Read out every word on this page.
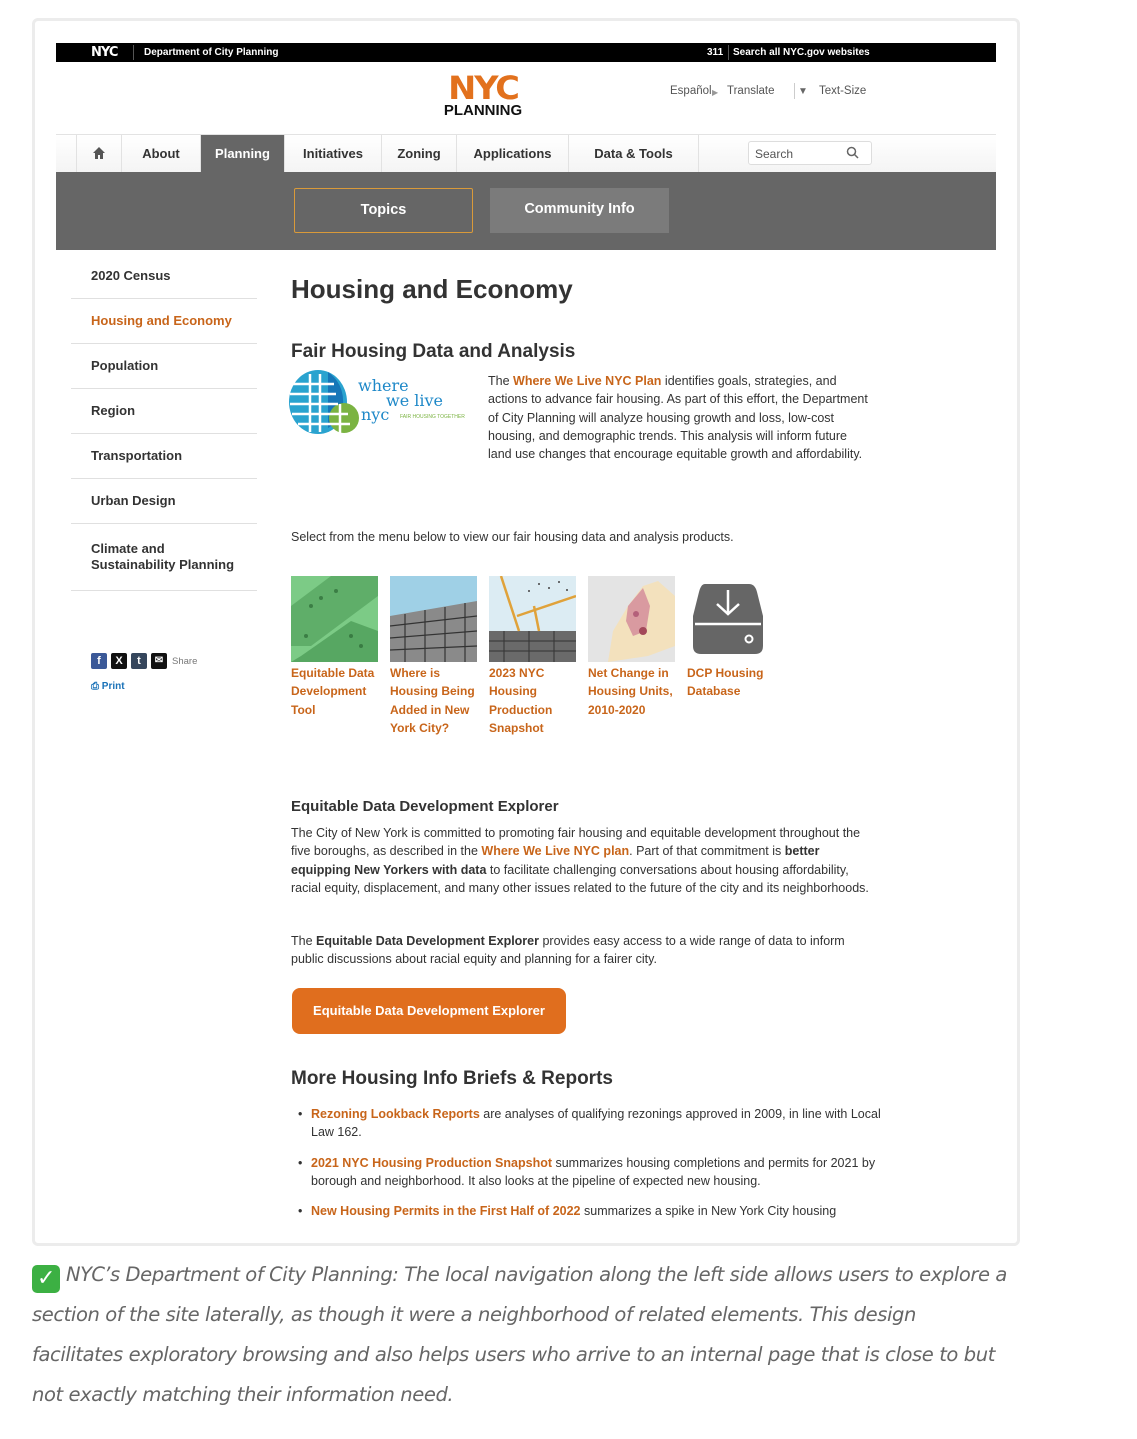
NYC	Department of City Planning	311 Search all NYC.gov websites
NYC
PLANNING
Español ▶ Translate ▼ Text-Size
About	Planning	Initiatives	Zoning	Applications	Data & Tools	Search
Topics	Community Info
2020 Census
Housing and Economy
Population
Region
Transportation
Urban Design
Climate and Sustainability Planning
f	X	t	✉ Share
⎙ Print
Housing and Economy
Fair Housing Data and Analysis
where
we live
nyc FAIR HOUSING TOGETHER

The Where We Live NYC Plan identifies goals, strategies, and actions to advance fair housing. As part of this effort, the Department of City Planning will analyze housing growth and loss, low-cost housing, and demographic trends. This analysis will inform future land use changes that encourage equitable growth and affordability.

Select from the menu below to view our fair housing data and analysis products.

Equitable Data Development Tool
Where is Housing Being Added in New York City?
2023 NYC Housing Production Snapshot
Net Change in Housing Units, 2010-2020
DCP Housing Database
Equitable Data Development Explorer

The City of New York is committed to promoting fair housing and equitable development throughout the five boroughs, as described in the Where We Live NYC plan. Part of that commitment is better equipping New Yorkers with data to facilitate challenging conversations about housing affordability, racial equity, displacement, and many other issues related to the future of the city and its neighborhoods.

The Equitable Data Development Explorer provides easy access to a wide range of data to inform public discussions about racial equity and planning for a fairer city.

Equitable Data Development Explorer
More Housing Info Briefs & Reports
• Rezoning Lookback Reports are analyses of qualifying rezonings approved in 2009, in line with Local Law 162.
• 2021 NYC Housing Production Snapshot summarizes housing completions and permits for 2021 by borough and neighborhood. It also looks at the pipeline of expected new housing.
• New Housing Permits in the First Half of 2022 summarizes a spike in New York City housing

✓ NYC’s Department of City Planning: The local navigation along the left side allows users to explore a section of the site laterally, as though it were a neighborhood of related elements. This design facilitates exploratory browsing and also helps users who arrive to an internal page that is close to but not exactly matching their information need.
